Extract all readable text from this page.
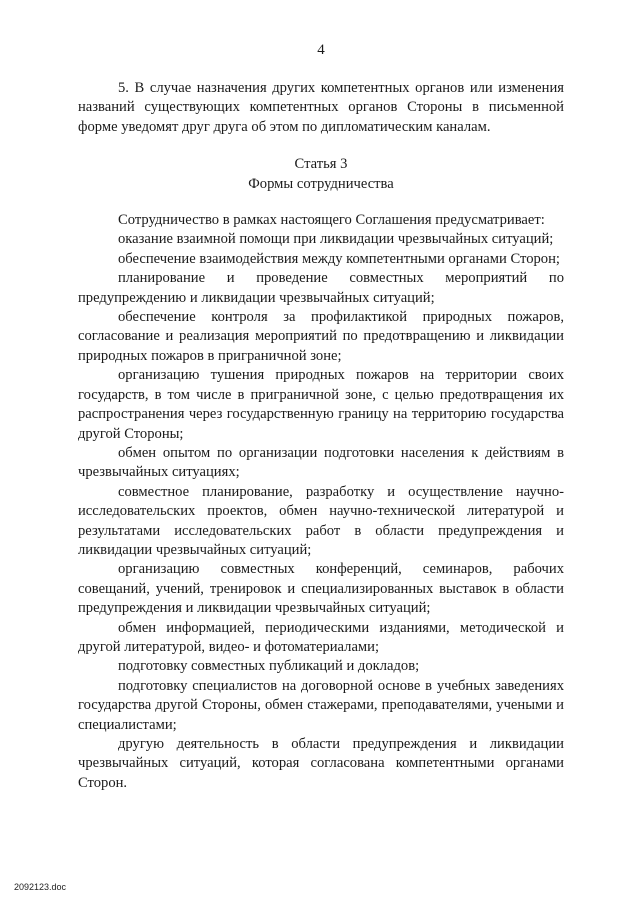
4

5. В случае назначения других компетентных органов или изменения названий существующих компетентных органов Стороны в письменной форме уведомят друг друга об этом по дипломатическим каналам.

Статья 3
Формы сотрудничества

Сотрудничество в рамках настоящего Соглашения предусматривает:

оказание взаимной помощи при ликвидации чрезвычайных ситуаций;

обеспечение взаимодействия между компетентными органами Сторон;

планирование и проведение совместных мероприятий по предупреждению и ликвидации чрезвычайных ситуаций;

обеспечение контроля за профилактикой природных пожаров, согласование и реализация мероприятий по предотвращению и ликвидации природных пожаров в приграничной зоне;

организацию тушения природных пожаров на территории своих государств, в том числе в приграничной зоне, с целью предотвращения их распространения через государственную границу на территорию государства другой Стороны;

обмен опытом по организации подготовки населения к действиям в чрезвычайных ситуациях;

совместное планирование, разработку и осуществление научно-исследовательских проектов, обмен научно-технической литературой и результатами исследовательских работ в области предупреждения и ликвидации чрезвычайных ситуаций;

организацию совместных конференций, семинаров, рабочих совещаний, учений, тренировок и специализированных выставок в области предупреждения и ликвидации чрезвычайных ситуаций;

обмен информацией, периодическими изданиями, методической и другой литературой, видео- и фотоматериалами;

подготовку совместных публикаций и докладов;

подготовку специалистов на договорной основе в учебных заведениях государства другой Стороны, обмен стажерами, преподавателями, учеными и специалистами;

другую деятельность в области предупреждения и ликвидации чрезвычайных ситуаций, которая согласована компетентными органами Сторон.

2092123.doc
